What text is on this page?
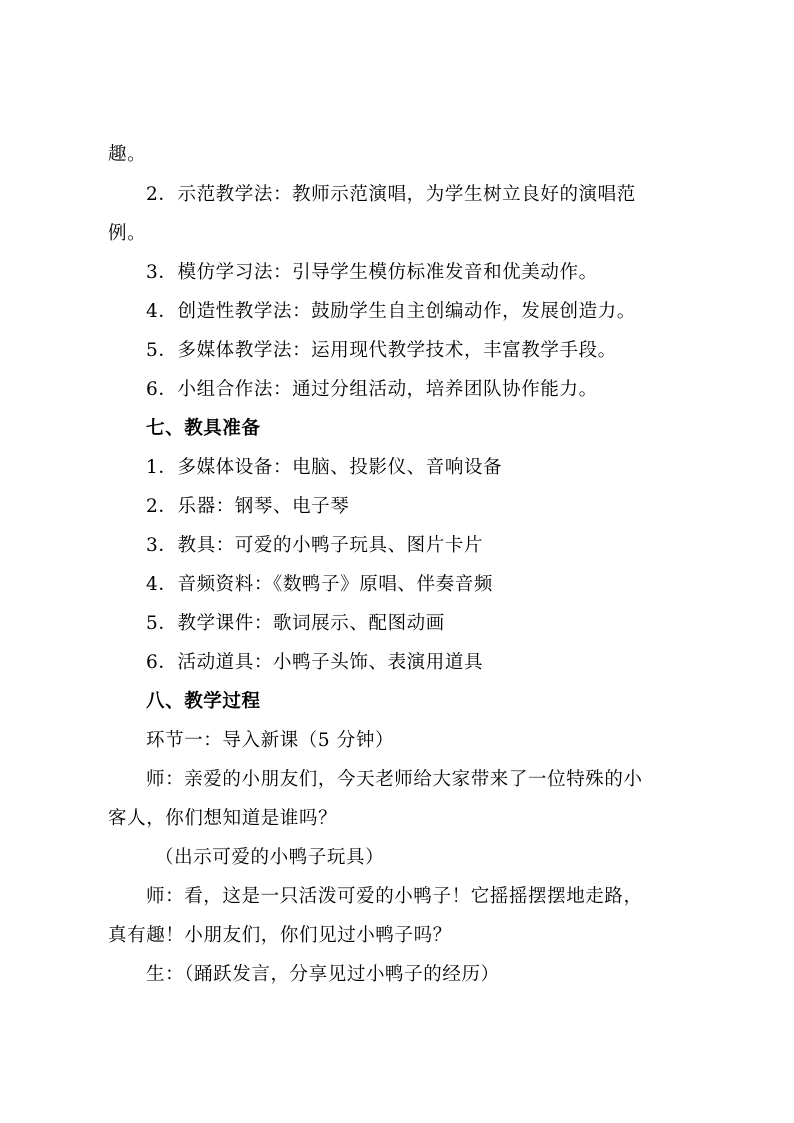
趣。
2．示范教学法：教师示范演唱，为学生树立良好的演唱范
例。
3．模仿学习法：引导学生模仿标准发音和优美动作。
4．创造性教学法：鼓励学生自主创编动作，发展创造力。
5．多媒体教学法：运用现代教学技术，丰富教学手段。
6．小组合作法：通过分组活动，培养团队协作能力。
七、教具准备
1．多媒体设备：电脑、投影仪、音响设备
2．乐器：钢琴、电子琴
3．教具：可爱的小鸭子玩具、图片卡片
4．音频资料：《数鸭子》原唱、伴奏音频
5．教学课件：歌词展示、配图动画
6．活动道具：小鸭子头饰、表演用道具
八、教学过程
环节一：导入新课（5 分钟）
师：亲爱的小朋友们，今天老师给大家带来了一位特殊的小
客人，你们想知道是谁吗？
（出示可爱的小鸭子玩具）
师：看，这是一只活泼可爱的小鸭子！它摇摇摆摆地走路，
真有趣！小朋友们，你们见过小鸭子吗？
生：（踊跃发言，分享见过小鸭子的经历）
